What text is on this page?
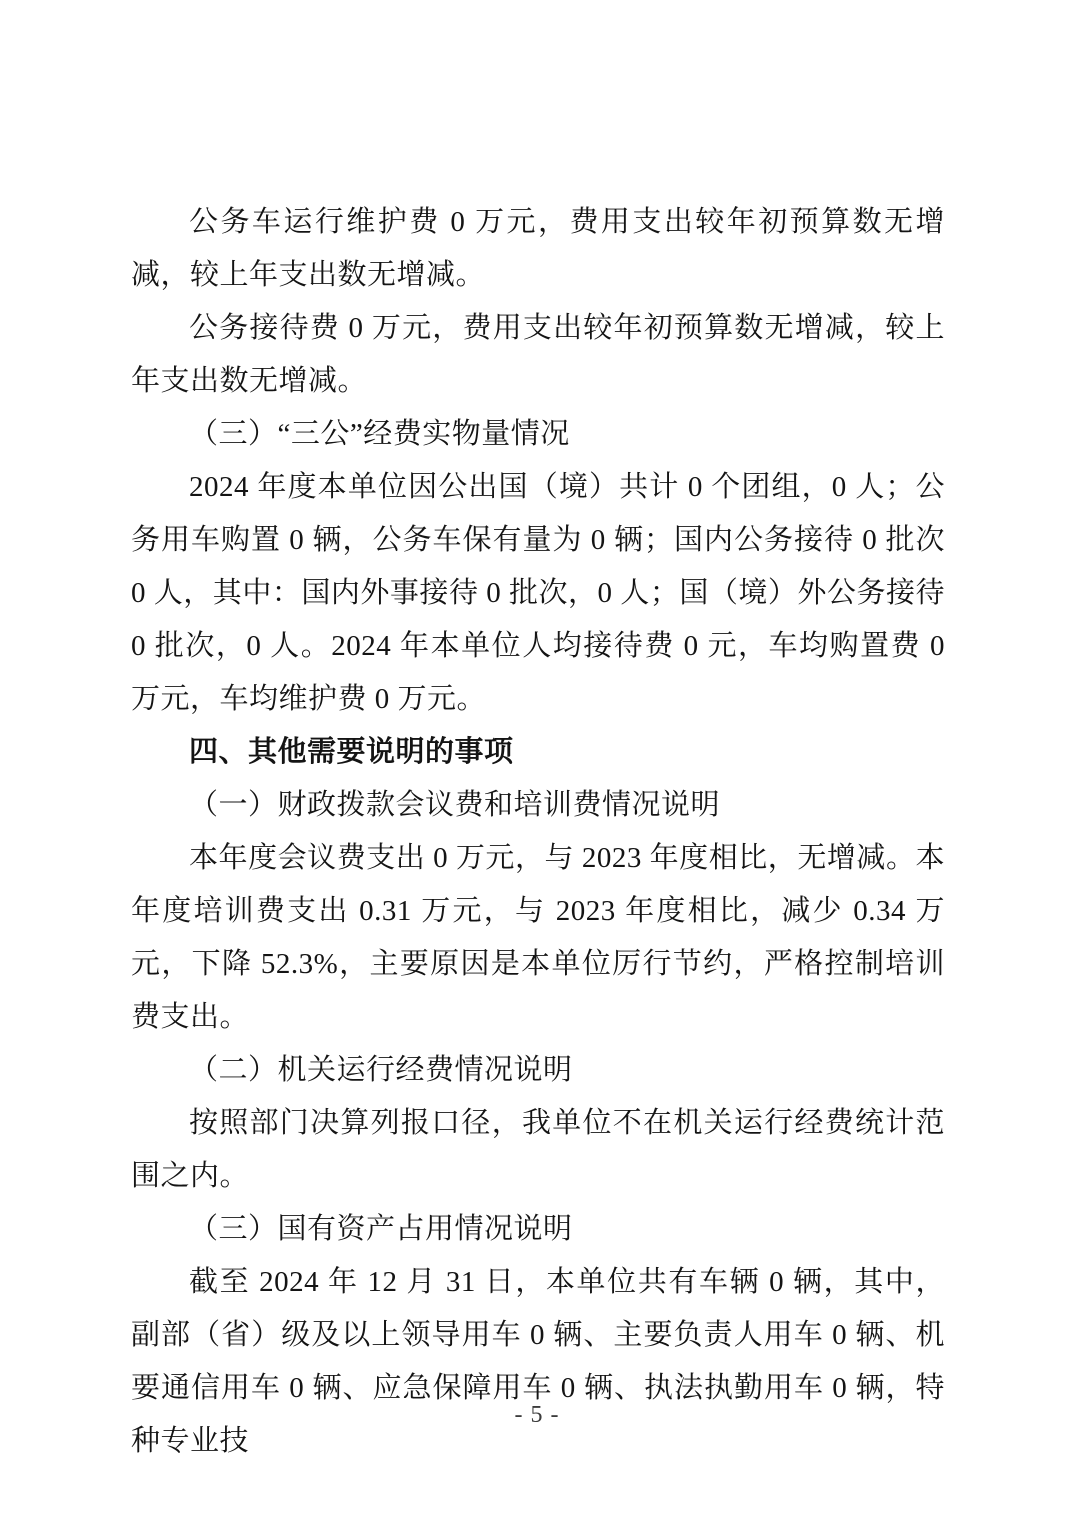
公务车运行维护费 0 万元，费用支出较年初预算数无增减，较上年支出数无增减。

公务接待费 0 万元，费用支出较年初预算数无增减，较上年支出数无增减。

（三）“三公”经费实物量情况

2024 年度本单位因公出国（境）共计 0 个团组，0 人；公务用车购置 0 辆，公务车保有量为 0 辆；国内公务接待 0 批次 0 人，其中：国内外事接待 0 批次，0 人；国（境）外公务接待 0 批次，0 人。2024 年本单位人均接待费 0 元，车均购置费 0 万元，车均维护费 0 万元。

四、其他需要说明的事项

（一）财政拨款会议费和培训费情况说明

本年度会议费支出 0 万元，与 2023 年度相比，无增减。本年度培训费支出 0.31 万元，与 2023 年度相比，减少 0.34 万元，下降 52.3%，主要原因是本单位厉行节约，严格控制培训费支出。

（二）机关运行经费情况说明

按照部门决算列报口径，我单位不在机关运行经费统计范围之内。

（三）国有资产占用情况说明

截至 2024 年 12 月 31 日，本单位共有车辆 0 辆，其中，副部（省）级及以上领导用车 0 辆、主要负责人用车 0 辆、机要通信用车 0 辆、应急保障用车 0 辆、执法执勤用车 0 辆，特种专业技

- 5 -
